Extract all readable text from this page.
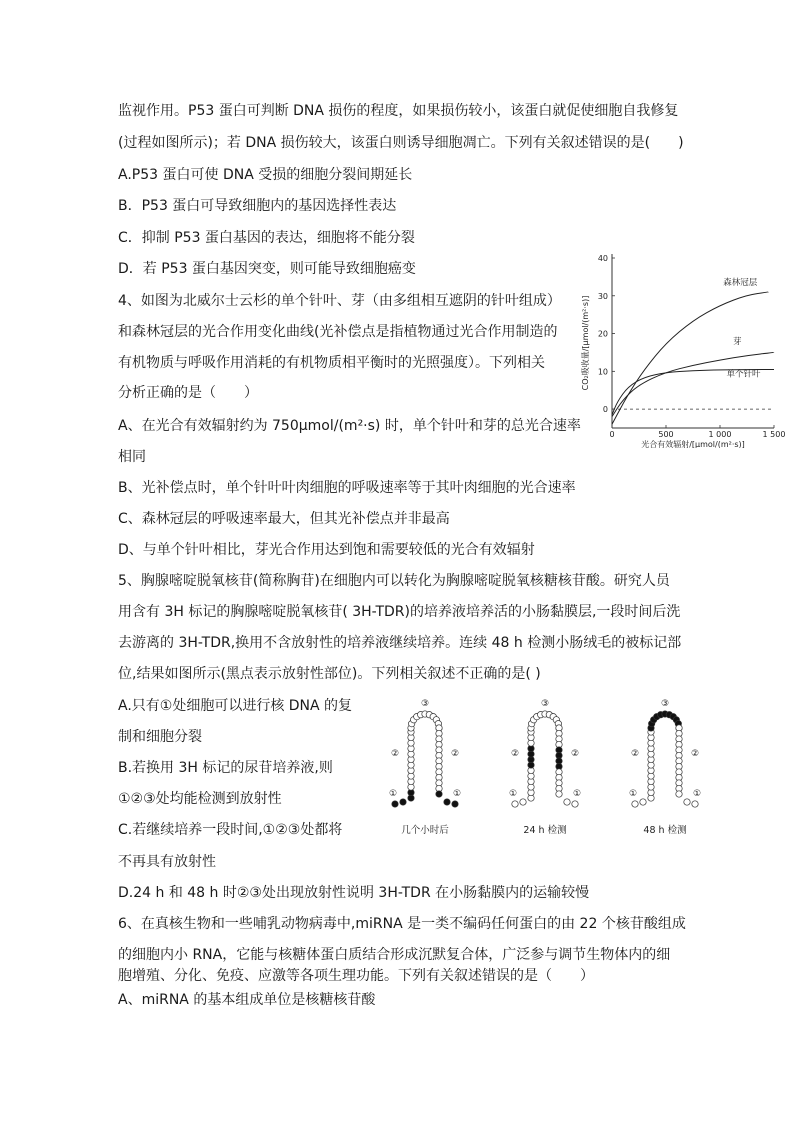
监视作用。P53 蛋白可判断 DNA 损伤的程度，如果损伤较小，该蛋白就促使细胞自我修复
(过程如图所示)；若 DNA 损伤较大，该蛋白则诱导细胞凋亡。下列有关叙述错误的是(　　)
A.P53 蛋白可使 DNA 受损的细胞分裂间期延长
B．P53 蛋白可导致细胞内的基因选择性表达
C．抑制 P53 蛋白基因的表达，细胞将不能分裂
D．若 P53 蛋白基因突变，则可能导致细胞癌变
4、如图为北威尔士云杉的单个针叶、芽（由多组相互遮阴的针叶组成）
和森林冠层的光合作用变化曲线(光补偿点是指植物通过光合作用制造的
有机物质与呼吸作用消耗的有机物质相平衡时的光照强度）。下列相关
分析正确的是（　　）
A、在光合有效辐射约为 750μmol/(m²·s) 时，单个针叶和芽的总光合速率
相同
B、光补偿点时，单个针叶叶肉细胞的呼吸速率等于其叶肉细胞的光合速率
C、森林冠层的呼吸速率最大，但其光补偿点并非最高
D、与单个针叶相比，芽光合作用达到饱和需要较低的光合有效辐射
5、胸腺嘧啶脱氧核苷(简称胸苷)在细胞内可以转化为胸腺嘧啶脱氧核糖核苷酸。研究人员
用含有 3H 标记的胸腺嘧啶脱氧核苷( 3H-TDR)的培养液培养活的小肠黏膜层,一段时间后洗
去游离的 3H-TDR,换用不含放射性的培养液继续培养。连续 48 h 检测小肠绒毛的被标记部
位,结果如图所示(黑点表示放射性部位)。下列相关叙述不正确的是( )
A.只有①处细胞可以进行核 DNA 的复
制和细胞分裂
B.若换用 3H 标记的尿苷培养液,则
①②③处均能检测到放射性
C.若继续培养一段时间,①②③处都将
不再具有放射性
D.24 h 和 48 h 时②③处出现放射性说明 3H-TDR 在小肠黏膜内的运输较慢
6、在真核生物和一些哺乳动物病毒中,miRNA 是一类不编码任何蛋白的由 22 个核苷酸组成
的细胞内小 RNA，它能与核糖体蛋白质结合形成沉默复合体，广泛参与调节生物体内的细
胞增殖、分化、免疫、应激等各项生理功能。下列有关叙述错误的是（　　）
A、miRNA 的基本组成单位是核糖核苷酸
0
10
20
30
40
0	500	1 000	1 500
森林冠层
芽
单个针叶
光合有效辐射/[μmol/(m²·s)]
CO₂吸收量/[μmol/(m²·s)]
③
②	②
①	①
几个小时后
③
②	②
①	①
24 h 检测
③
②	②
①	①
48 h 检测
